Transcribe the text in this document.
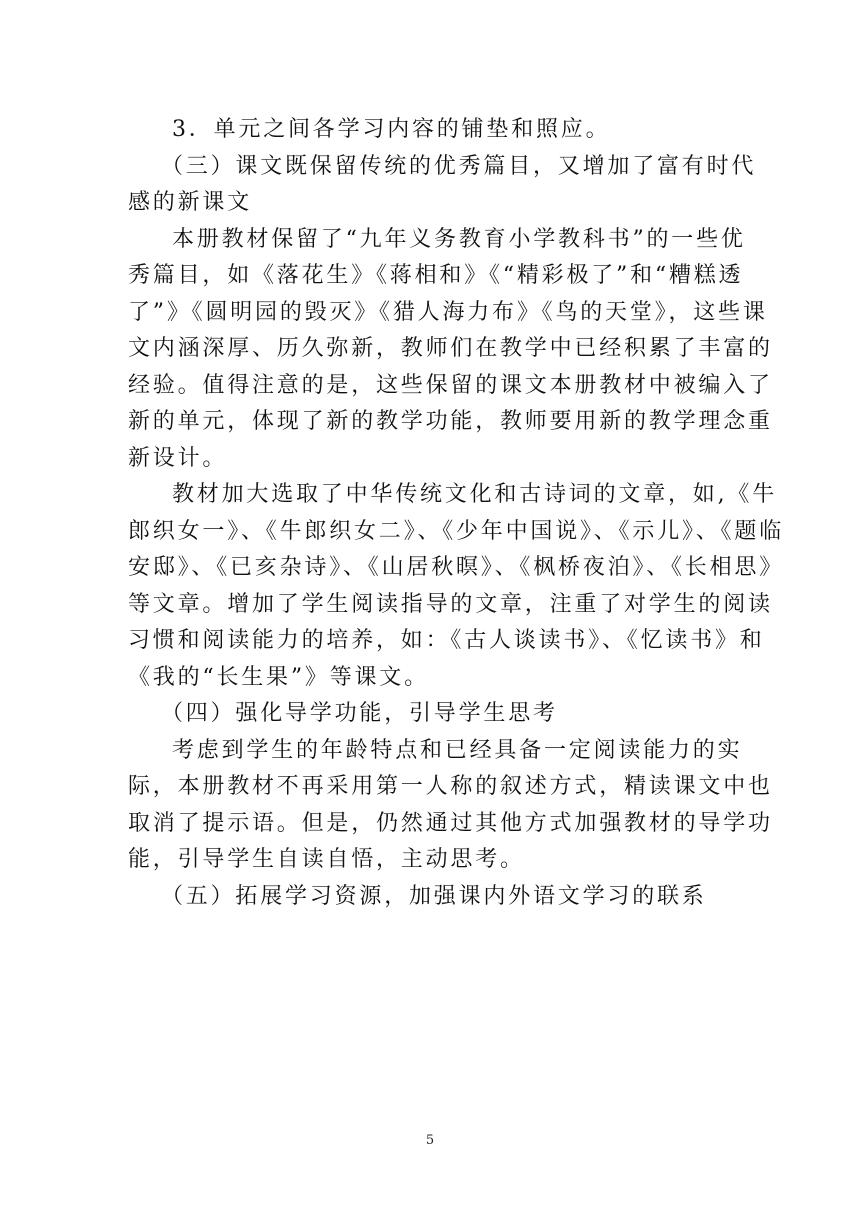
3．单元之间各学习内容的铺垫和照应。
（三）课文既保留传统的优秀篇目，又增加了富有时代
感的新课文
本册教材保留了“九年义务教育小学教科书”的一些优
秀篇目，如《落花生》《蒋相和》《“精彩极了”和“糟糕透
了”》《圆明园的毁灭》《猎人海力布》《鸟的天堂》，这些课
文内涵深厚、历久弥新，教师们在教学中已经积累了丰富的
经验。值得注意的是，这些保留的课文本册教材中被编入了
新的单元，体现了新的教学功能，教师要用新的教学理念重
新设计。
教材加大选取了中华传统文化和古诗词的文章，如,《牛
郎织女一》、《牛郎织女二》、《少年中国说》、《示儿》、《题临
安邸》、《已亥杂诗》、《山居秋暝》、《枫桥夜泊》、《长相思》
等文章。增加了学生阅读指导的文章，注重了对学生的阅读
习惯和阅读能力的培养，如：《古人谈读书》、《忆读书》和
《我的“长生果”》等课文。
（四）强化导学功能，引导学生思考
考虑到学生的年龄特点和已经具备一定阅读能力的实
际，本册教材不再采用第一人称的叙述方式，精读课文中也
取消了提示语。但是，仍然通过其他方式加强教材的导学功
能，引导学生自读自悟，主动思考。
（五）拓展学习资源，加强课内外语文学习的联系
5
